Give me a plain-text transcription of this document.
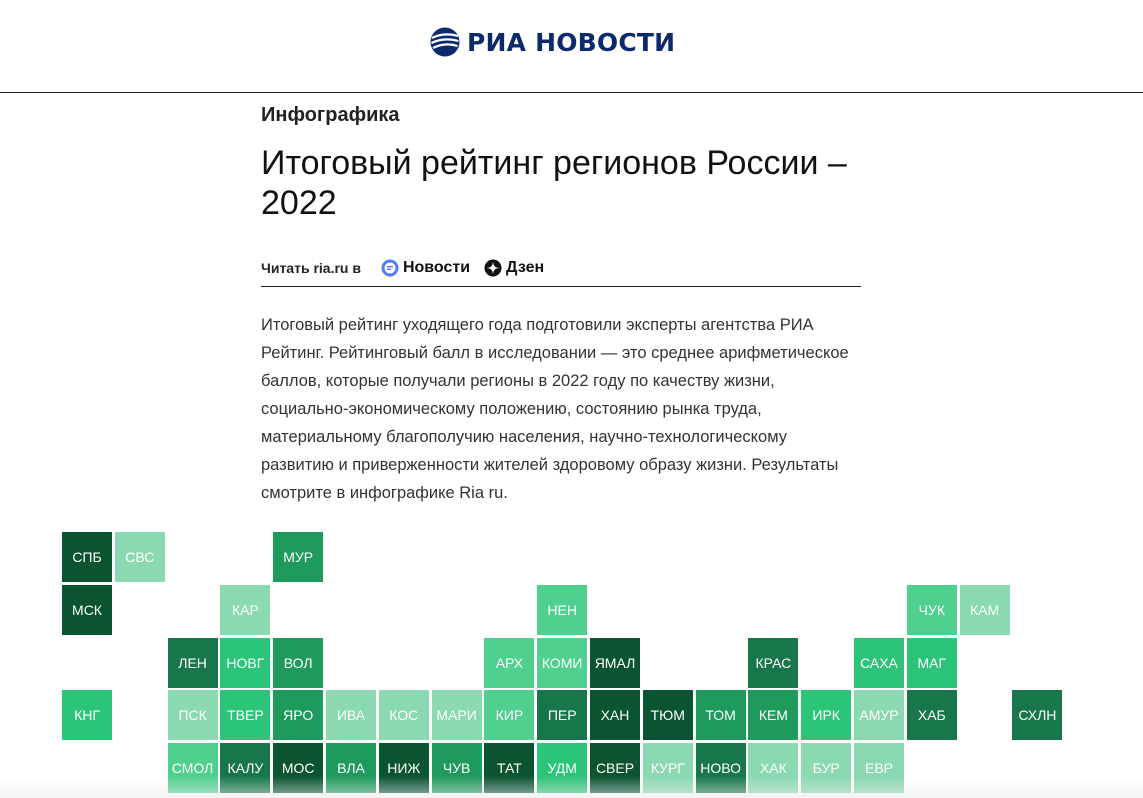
РИА НОВОСТИ
Инфографика
Итоговый рейтинг регионов России – 2022
Читать ria.ru в	Новости Дзен

Итоговый рейтинг уходящего года подготовили эксперты агентства РИА Рейтинг. Рейтинговый балл в исследовании — это среднее арифметическое баллов, которые получали регионы в 2022 году по качеству жизни, социально-экономическому положению, состоянию рынка труда, материальному благополучию населения, научно-технологическому развитию и приверженности жителей здоровому образу жизни. Результаты смотрите в инфографике Ria ru.

СПБ	СВС	МУР
МСК	КАР	НЕН	ЧУК	КАМ
ЛЕН	НОВГ	ВОЛ	АРХ	КОМИ ЯМАЛ	КРАС	САХА	МАГ
КНГ	ПСК	ТВЕР	ЯРО	ИВА	КОС	МАРИ	КИР	ПЕР	ХАН	ТЮМ	ТОМ	КЕМ	ИРК	АМУР	ХАБ	СХЛН
СМОЛ	КАЛУ	МОС	ВЛА	НИЖ	ЧУВ	ТАТ	УДМ	СВЕР	КУРГ	НОВО	ХАК	БУР	ЕВР
